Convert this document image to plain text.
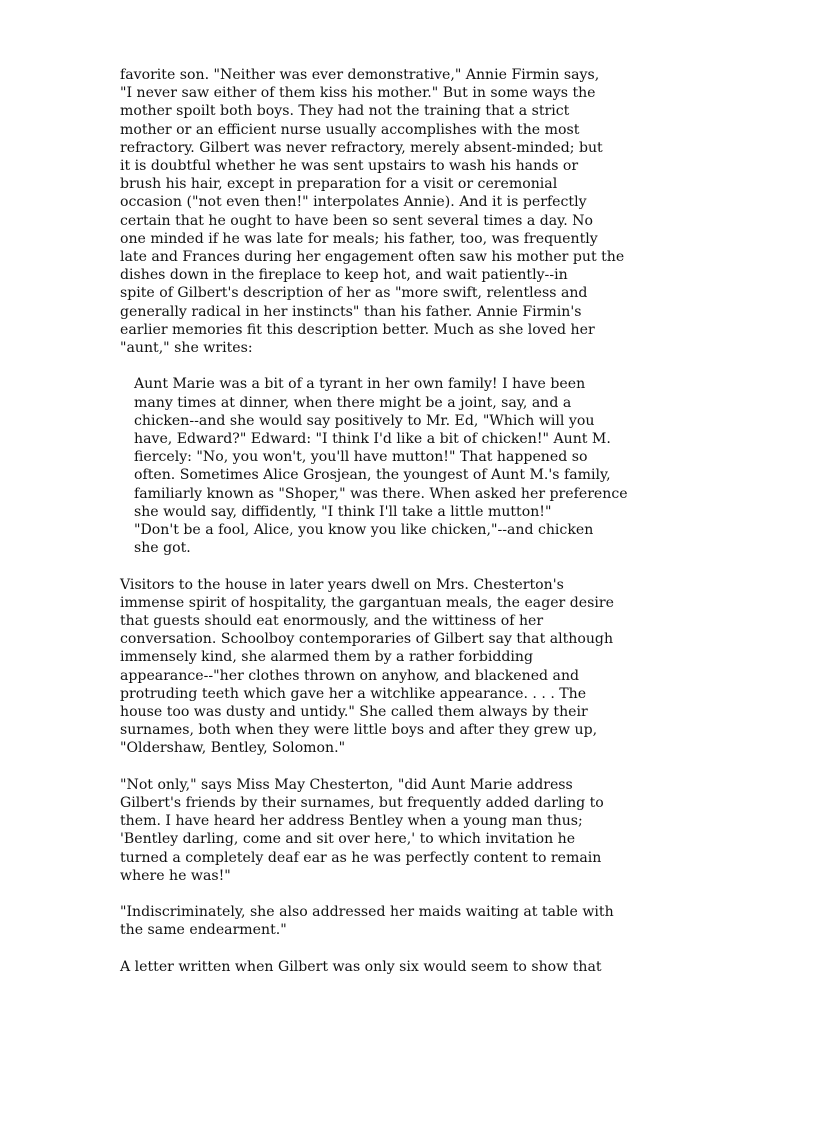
favorite son. "Neither was ever demonstrative," Annie Firmin says,
"I never saw either of them kiss his mother." But in some ways the
mother spoilt both boys. They had not the training that a strict
mother or an efficient nurse usually accomplishes with the most
refractory. Gilbert was never refractory, merely absent-minded; but
it is doubtful whether he was sent upstairs to wash his hands or
brush his hair, except in preparation for a visit or ceremonial
occasion ("not even then!" interpolates Annie). And it is perfectly
certain that he ought to have been so sent several times a day. No
one minded if he was late for meals; his father, too, was frequently
late and Frances during her engagement often saw his mother put the
dishes down in the fireplace to keep hot, and wait patiently--in
spite of Gilbert's description of her as "more swift, relentless and
generally radical in her instincts" than his father. Annie Firmin's
earlier memories fit this description better. Much as she loved her
"aunt," she writes:
Aunt Marie was a bit of a tyrant in her own family! I have been
many times at dinner, when there might be a joint, say, and a
chicken--and she would say positively to Mr. Ed, "Which will you
have, Edward?" Edward: "I think I'd like a bit of chicken!" Aunt M.
fiercely: "No, you won't, you'll have mutton!" That happened so
often. Sometimes Alice Grosjean, the youngest of Aunt M.'s family,
familiarly known as "Shoper," was there. When asked her preference
she would say, diffidently, "I think I'll take a little mutton!"
"Don't be a fool, Alice, you know you like chicken,"--and chicken
she got.
Visitors to the house in later years dwell on Mrs. Chesterton's
immense spirit of hospitality, the gargantuan meals, the eager desire
that guests should eat enormously, and the wittiness of her
conversation. Schoolboy contemporaries of Gilbert say that although
immensely kind, she alarmed them by a rather forbidding
appearance--"her clothes thrown on anyhow, and blackened and
protruding teeth which gave her a witchlike appearance. . . . The
house too was dusty and untidy." She called them always by their
surnames, both when they were little boys and after they grew up,
"Oldershaw, Bentley, Solomon."
"Not only," says Miss May Chesterton, "did Aunt Marie address
Gilbert's friends by their surnames, but frequently added darling to
them. I have heard her address Bentley when a young man thus;
'Bentley darling, come and sit over here,' to which invitation he
turned a completely deaf ear as he was perfectly content to remain
where he was!"
"Indiscriminately, she also addressed her maids waiting at table with
the same endearment."
A letter written when Gilbert was only six would seem to show that
